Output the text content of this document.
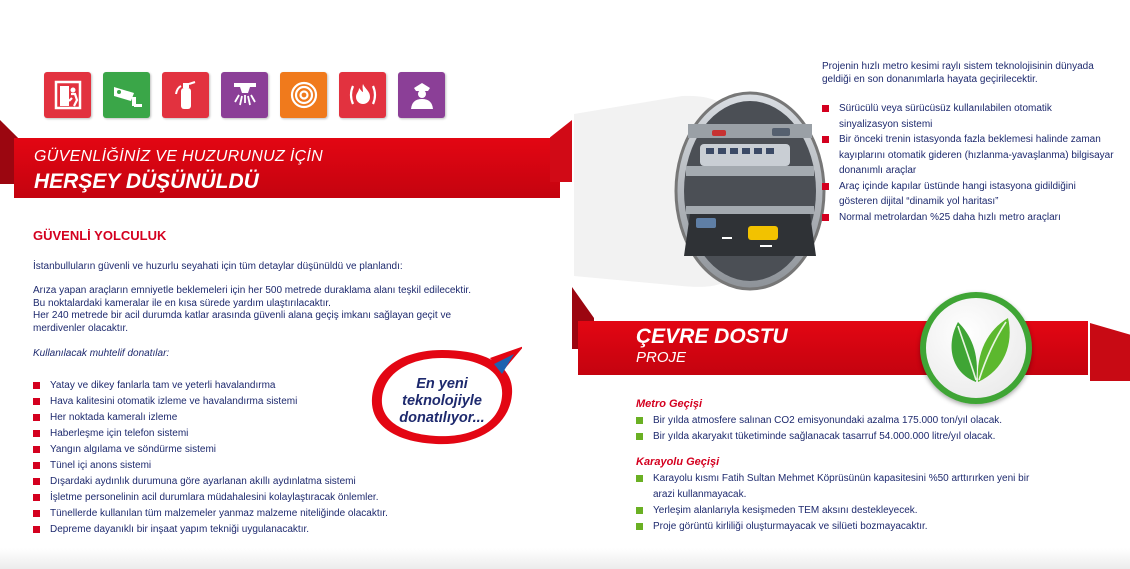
GÜVENLİĞİNİZ VE HUZURUNUZ İÇİN
HERŞEY DÜŞÜNÜLDÜ
GÜVENLİ YOLCULUK
İstanbulluların güvenli ve huzurlu seyahati için tüm detaylar düşünüldü ve planlandı:
Arıza yapan araçların emniyetle beklemeleri için her 500 metrede duraklama alanı teşkil edilecektir.
Bu noktalardaki kameralar ile en kısa sürede yardım ulaştırılacaktır.
Her 240 metrede bir acil durumda katlar arasında güvenli alana geçiş imkanı sağlayan geçit ve
merdivenler olacaktır.
Kullanılacak muhtelif donatılar:
Yatay ve dikey fanlarla tam ve yeterli havalandırma
Hava kalitesini otomatik izleme ve havalandırma sistemi
Her noktada kameralı izleme
Haberleşme için telefon sistemi
Yangın algılama ve söndürme sistemi
Tünel içi anons sistemi
Dışardaki aydınlık durumuna göre ayarlanan akıllı aydınlatma sistemi
İşletme personelinin acil durumlara müdahalesini kolaylaştıracak önlemler.
Tünellerde kullanılan tüm malzemeler yanmaz malzeme niteliğinde olacaktır.
Depreme dayanıklı bir inşaat yapım tekniği uygulanacaktır.
En yeni
teknolojiyle
donatılıyor...
Projenin hızlı metro kesimi raylı sistem teknolojisinin dünyada
geldiği en son donanımlarla hayata geçirilecektir.
Sürücülü veya sürücüsüz kullanılabilen otomatik sinyalizasyon sistemi
Bir önceki trenin istasyonda fazla beklemesi halinde zaman kayıplarını otomatik gideren (hızlanma-yavaşlanma) bilgisayar donanımlı araçlar
Araç içinde kapılar üstünde hangi istasyona gidildiğini gösteren dijital “dinamik yol haritası”
Normal metrolardan %25 daha hızlı metro araçları
ÇEVRE DOSTU
PROJE
Metro Geçişi
Bir yılda atmosfere salınan CO2 emisyonundaki azalma 175.000 ton/yıl olacak.
Bir yılda akaryakıt tüketiminde sağlanacak tasarruf 54.000.000 litre/yıl olacak.
Karayolu Geçişi
Karayolu kısmı Fatih Sultan Mehmet Köprüsünün kapasitesini %50 arttırırken yeni bir arazi kullanmayacak.
Yerleşim alanlarıyla kesişmeden TEM aksını destekleyecek.
Proje görüntü kirliliği oluşturmayacak ve silüeti bozmayacaktır.
